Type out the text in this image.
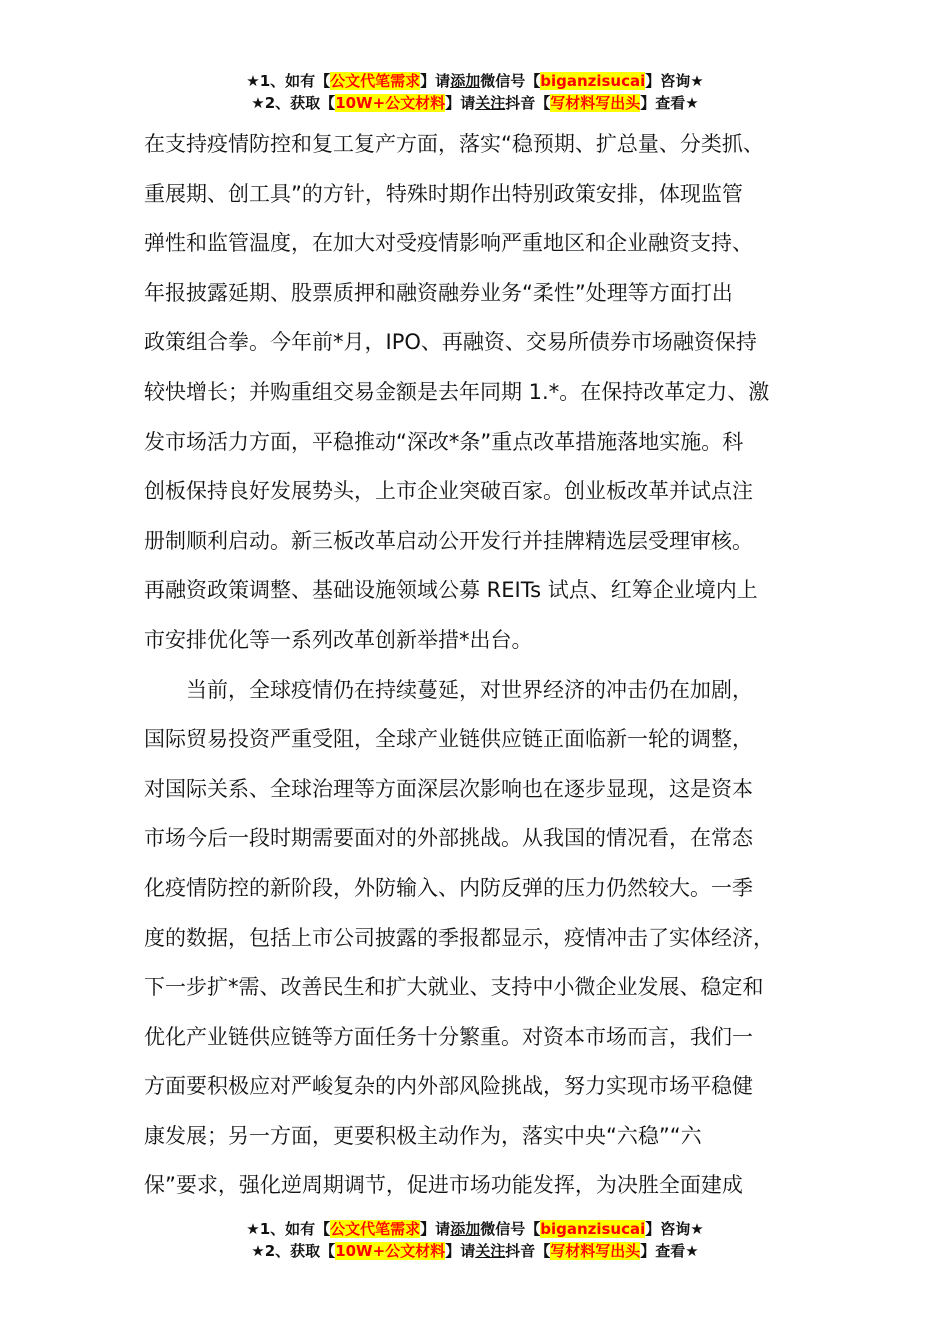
★1、如有【公文代笔需求】请添加微信号【biganzisucai】咨询★
★2、获取【10W+公文材料】请关注抖音【写材料写出头】查看★
在支持疫情防控和复工复产方面，落实“稳预期、扩总量、分类抓、
重展期、创工具”的方针，特殊时期作出特别政策安排，体现监管
弹性和监管温度，在加大对受疫情影响严重地区和企业融资支持、
年报披露延期、股票质押和融资融券业务“柔性”处理等方面打出
政策组合拳。今年前*月，IPO、再融资、交易所债券市场融资保持
较快增长；并购重组交易金额是去年同期 1.*。在保持改革定力、激
发市场活力方面，平稳推动“深改*条”重点改革措施落地实施。科
创板保持良好发展势头，上市企业突破百家。创业板改革并试点注
册制顺利启动。新三板改革启动公开发行并挂牌精选层受理审核。
再融资政策调整、基础设施领域公募 REITs 试点、红筹企业境内上
市安排优化等一系列改革创新举措*出台。
　　当前，全球疫情仍在持续蔓延，对世界经济的冲击仍在加剧，
国际贸易投资严重受阻，全球产业链供应链正面临新一轮的调整，
对国际关系、全球治理等方面深层次影响也在逐步显现，这是资本
市场今后一段时期需要面对的外部挑战。从我国的情况看，在常态
化疫情防控的新阶段，外防输入、内防反弹的压力仍然较大。一季
度的数据，包括上市公司披露的季报都显示，疫情冲击了实体经济，
下一步扩*需、改善民生和扩大就业、支持中小微企业发展、稳定和
优化产业链供应链等方面任务十分繁重。对资本市场而言，我们一
方面要积极应对严峻复杂的内外部风险挑战，努力实现市场平稳健
康发展；另一方面，更要积极主动作为，落实中央“六稳”“六
保”要求，强化逆周期调节，促进市场功能发挥，为决胜全面建成
★1、如有【公文代笔需求】请添加微信号【biganzisucai】咨询★
★2、获取【10W+公文材料】请关注抖音【写材料写出头】查看★
